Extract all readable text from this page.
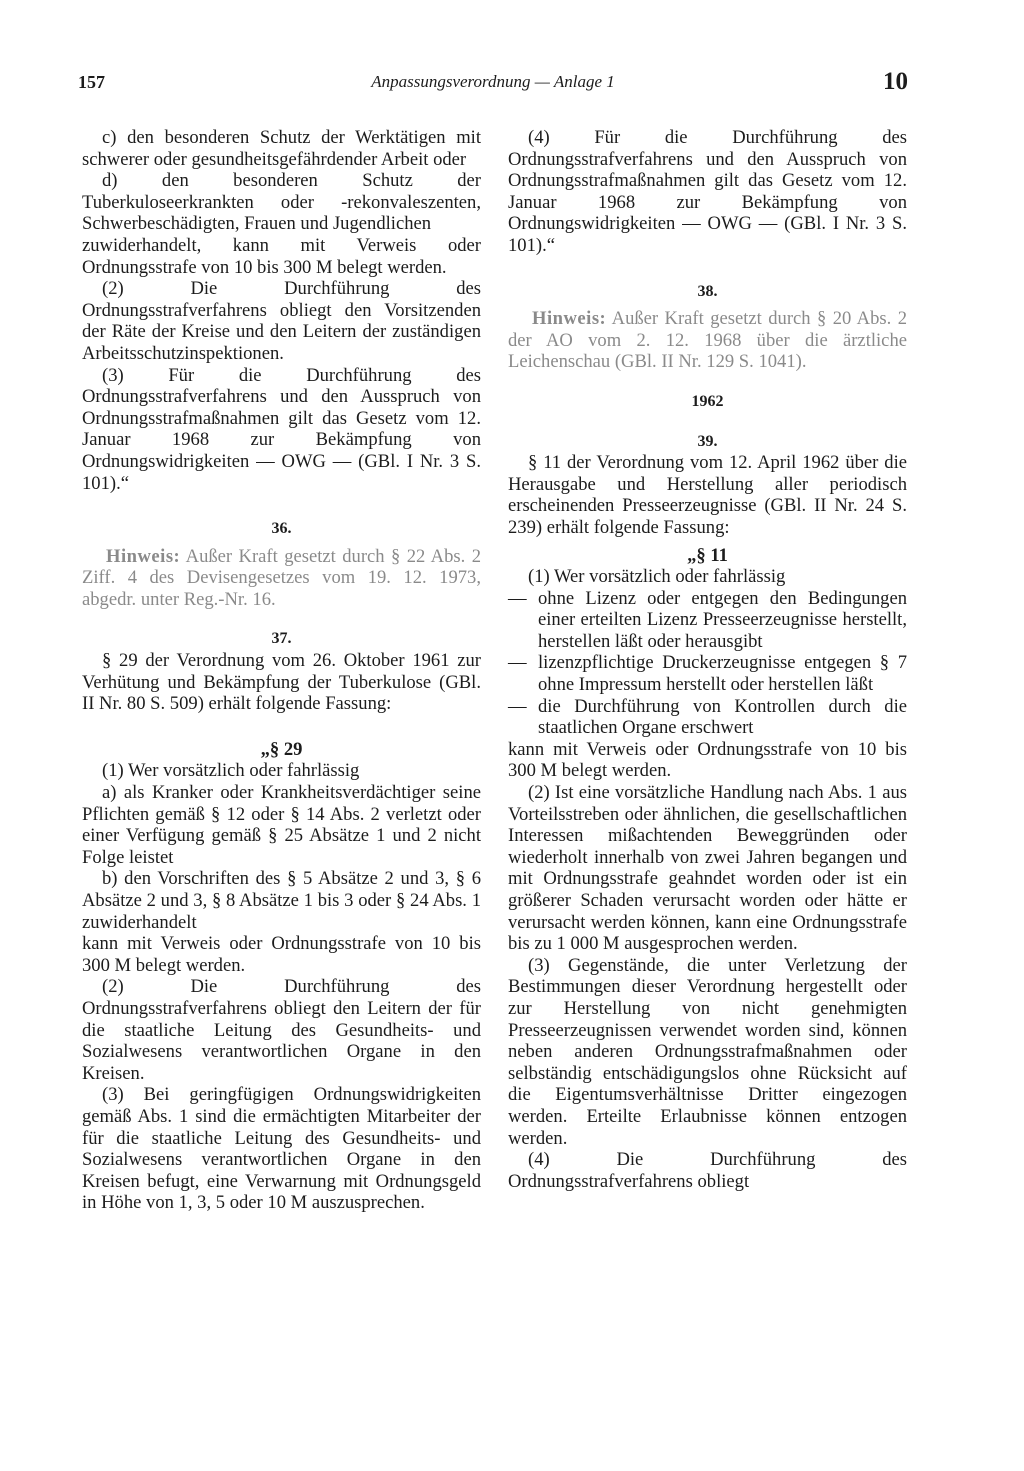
157	Anpassungsverordnung — Anlage 1	10

c) den besonderen Schutz der Werktätigen mit schwerer oder gesundheitsgefährdender Arbeit oder

d) den besonderen Schutz der Tuberkuloseerkrankten oder -rekonvaleszenten, Schwerbeschädigten, Frauen und Jugendlichen

zuwiderhandelt, kann mit Verweis oder Ordnungsstrafe von 10 bis 300 M belegt werden.

(2) Die Durchführung des Ordnungsstrafverfahrens obliegt den Vorsitzenden der Räte der Kreise und den Leitern der zuständigen Arbeitsschutzinspektionen.

(3) Für die Durchführung des Ordnungsstrafverfahrens und den Ausspruch von Ordnungsstrafmaßnahmen gilt das Gesetz vom 12. Januar 1968 zur Bekämpfung von Ordnungswidrigkeiten — OWG — (GBl. I Nr. 3 S. 101).“

36.

Hinweis: Außer Kraft gesetzt durch § 22 Abs. 2 Ziff. 4 des Devisengesetzes vom 19. 12. 1973, abgedr. unter Reg.-Nr. 16.

37.

§ 29 der Verordnung vom 26. Oktober 1961 zur Verhütung und Bekämpfung der Tuberkulose (GBl. II Nr. 80 S. 509) erhält folgende Fassung:

„§ 29

(1) Wer vorsätzlich oder fahrlässig

a) als Kranker oder Krankheitsverdächtiger seine Pflichten gemäß § 12 oder § 14 Abs. 2 verletzt oder einer Verfügung gemäß § 25 Absätze 1 und 2 nicht Folge leistet

b) den Vorschriften des § 5 Absätze 2 und 3, § 6 Absätze 2 und 3, § 8 Absätze 1 bis 3 oder § 24 Abs. 1 zuwiderhandelt

kann mit Verweis oder Ordnungsstrafe von 10 bis 300 M belegt werden.

(2) Die Durchführung des Ordnungsstrafverfahrens obliegt den Leitern der für die staatliche Leitung des Gesundheits- und Sozialwesens verantwortlichen Organe in den Kreisen.

(3) Bei geringfügigen Ordnungswidrigkeiten gemäß Abs. 1 sind die ermächtigten Mitarbeiter der für die staatliche Leitung des Gesundheits- und Sozialwesens verantwortlichen Organe in den Kreisen befugt, eine Verwarnung mit Ordnungsgeld in Höhe von 1, 3, 5 oder 10 M auszusprechen.

(4) Für die Durchführung des Ordnungsstrafverfahrens und den Ausspruch von Ordnungsstrafmaßnahmen gilt das Gesetz vom 12. Januar 1968 zur Bekämpfung von Ordnungswidrigkeiten — OWG — (GBl. I Nr. 3 S. 101).“

38.

Hinweis: Außer Kraft gesetzt durch § 20 Abs. 2 der AO vom 2. 12. 1968 über die ärztliche Leichenschau (GBl. II Nr. 129 S. 1041).

1962

39.

§ 11 der Verordnung vom 12. April 1962 über die Herausgabe und Herstellung aller periodisch erscheinenden Presseerzeugnisse (GBl. II Nr. 24 S. 239) erhält folgende Fassung:

„§ 11

(1) Wer vorsätzlich oder fahrlässig

— ohne Lizenz oder entgegen den Bedingungen einer erteilten Lizenz Presseerzeugnisse herstellt, herstellen läßt oder herausgibt
— lizenzpflichtige Druckerzeugnisse entgegen § 7 ohne Impressum herstellt oder herstellen läßt
— die Durchführung von Kontrollen durch die staatlichen Organe erschwert

kann mit Verweis oder Ordnungsstrafe von 10 bis 300 M belegt werden.

(2) Ist eine vorsätzliche Handlung nach Abs. 1 aus Vorteilsstreben oder ähnlichen, die gesellschaftlichen Interessen mißachtenden Beweggründen oder wiederholt innerhalb von zwei Jahren begangen und mit Ordnungsstrafe geahndet worden oder ist ein größerer Schaden verursacht worden oder hätte er verursacht werden können, kann eine Ordnungsstrafe bis zu 1 000 M ausgesprochen werden.

(3) Gegenstände, die unter Verletzung der Bestimmungen dieser Verordnung hergestellt oder zur Herstellung von nicht genehmigten Presseerzeugnissen verwendet worden sind, können neben anderen Ordnungsstrafmaßnahmen oder selbständig entschädigungslos ohne Rücksicht auf die Eigentumsverhältnisse Dritter eingezogen werden. Erteilte Erlaubnisse können entzogen werden.

(4) Die Durchführung des Ordnungsstrafverfahrens obliegt
